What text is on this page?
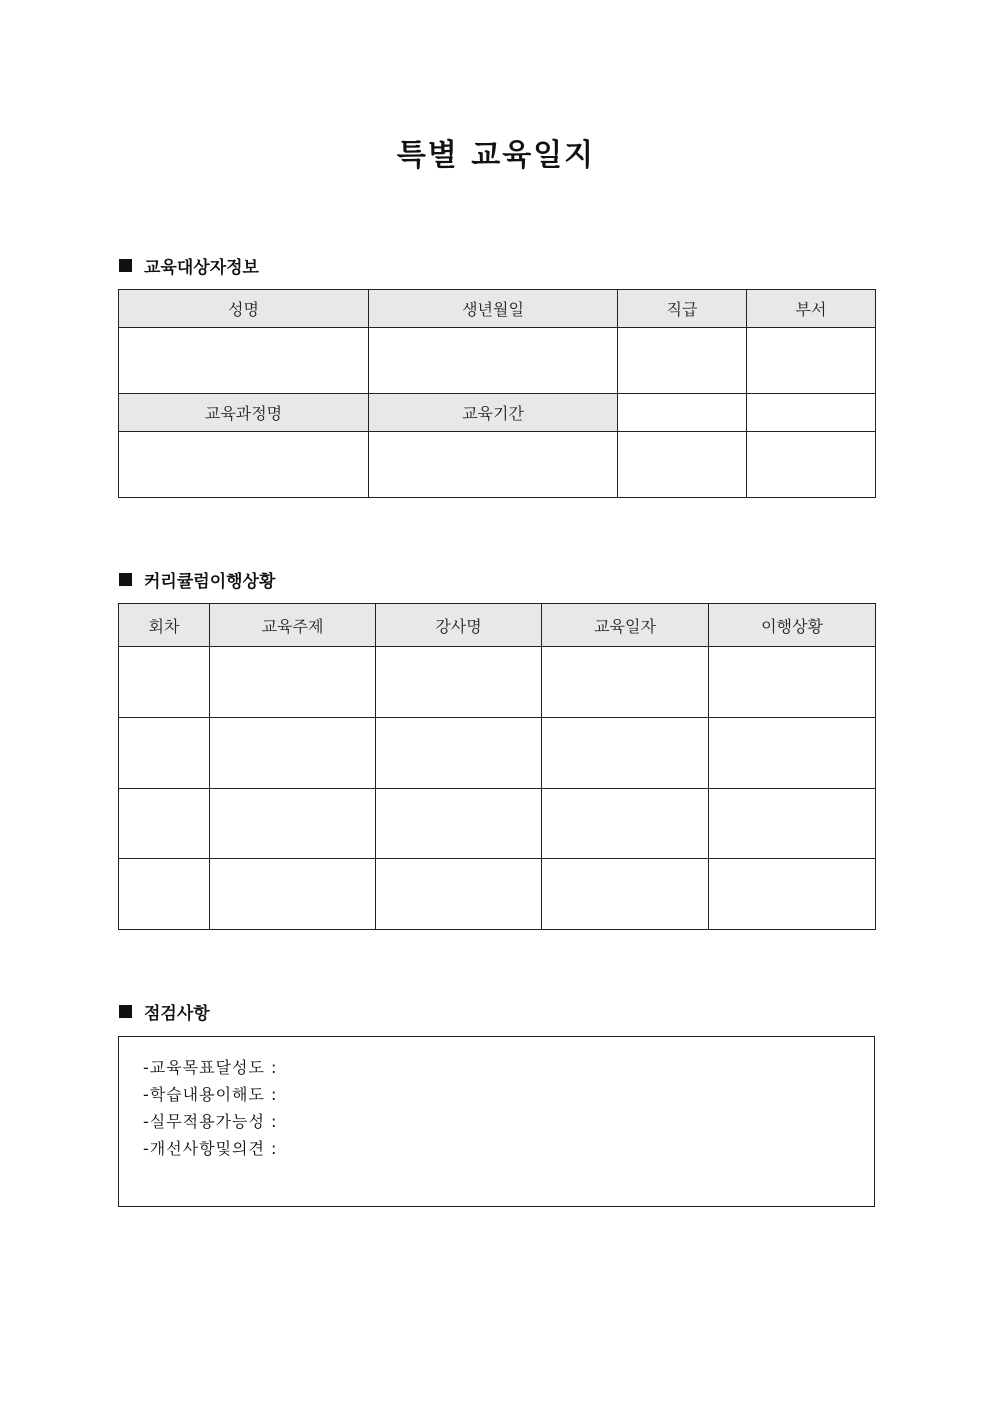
특별 교육일지
교육대상자정보
성명	생년월일	직급	부서

교육과정명	교육기간		

커리큘럼이행상황
회차	교육주제	강사명	교육일자	이행상황

점검사항
-교육목표달성도 :
-학습내용이해도 :
-실무적용가능성 :
-개선사항및의견 :
